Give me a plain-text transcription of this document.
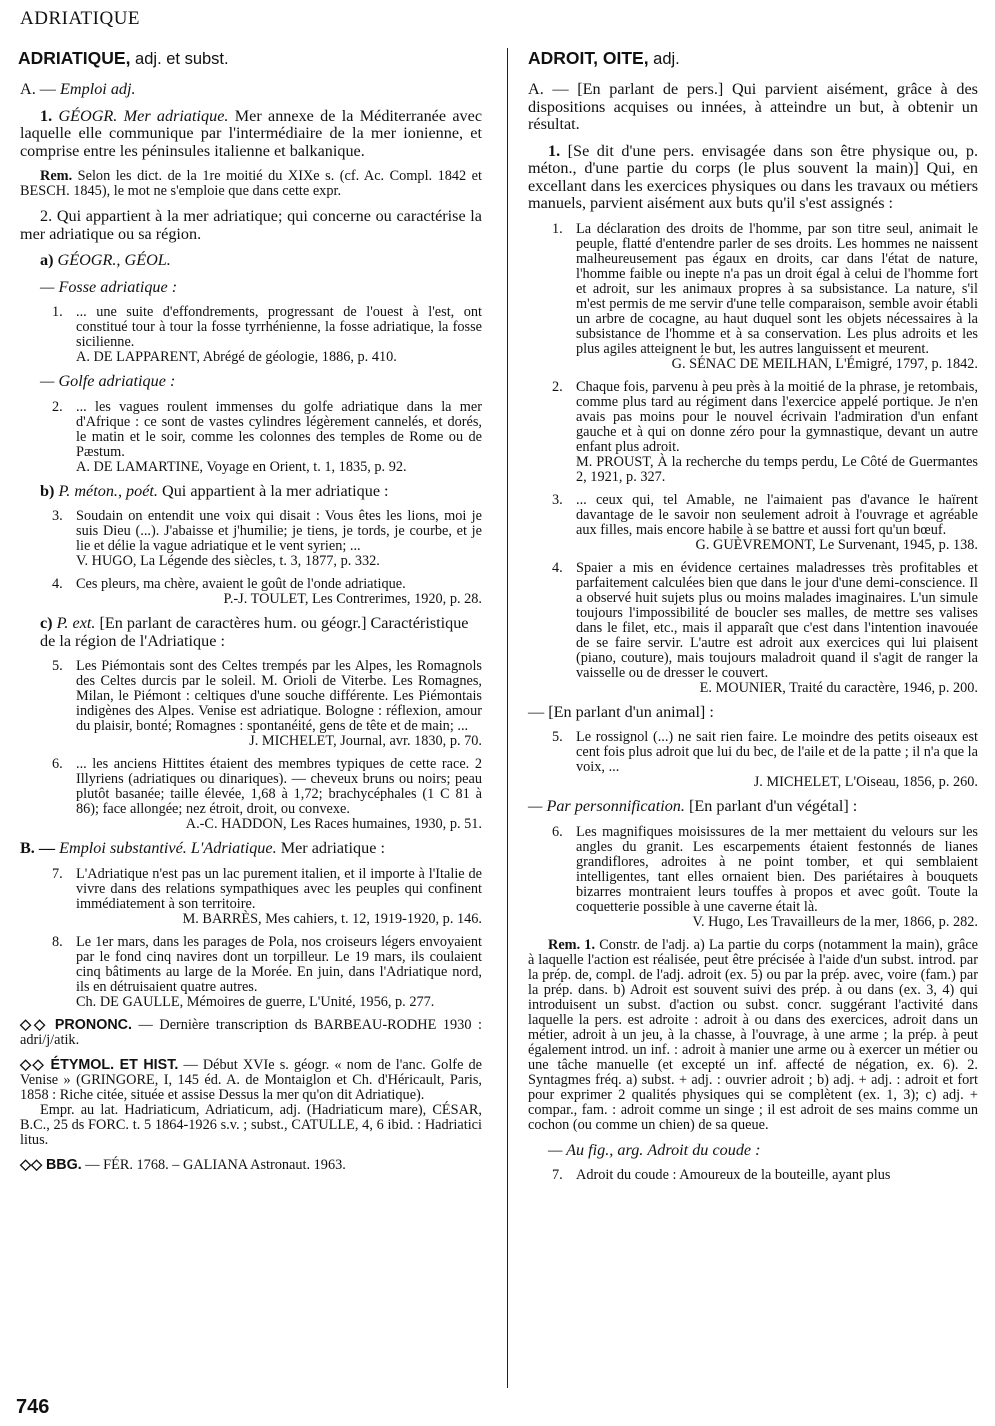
ADRIATIQUE

ADRIATIQUE, adj. et subst.

A. — Emploi adj.

1. GÉOGR. Mer adriatique. Mer annexe de la Méditerranée avec laquelle elle communique par l'intermédiaire de la mer ionienne, et comprise entre les péninsules italienne et balkanique.

Rem. Selon les dict. de la 1re moitié du XIXe s. (cf. Ac. Compl. 1842 et BESCH. 1845), le mot ne s'emploie que dans cette expr.

2. Qui appartient à la mer adriatique; qui concerne ou caractérise la mer adriatique ou sa région.

a) GÉOGR., GÉOL.

— Fosse adriatique :

1. ... une suite d'effondrements, progressant de l'ouest à l'est, ont constitué tour à tour la fosse tyrrhénienne, la fosse adriatique, la fosse sicilienne.
A. DE LAPPARENT, Abrégé de géologie, 1886, p. 410.

— Golfe adriatique :

2. ... les vagues roulent immenses du golfe adriatique dans la mer d'Afrique : ce sont de vastes cylindres légèrement cannelés, et dorés, le matin et le soir, comme les colonnes des temples de Rome ou de Pæstum.
A. DE LAMARTINE, Voyage en Orient, t. 1, 1835, p. 92.

b) P. méton., poét. Qui appartient à la mer adriatique :

3. Soudain on entendit une voix qui disait : Vous êtes les lions, moi je suis Dieu (...). J'abaisse et j'humilie; je tiens, je tords, je courbe, et je lie et délie la vague adriatique et le vent syrien; ...
V. HUGO, La Légende des siècles, t. 3, 1877, p. 332.

4. Ces pleurs, ma chère, avaient le goût de l'onde adriatique.
P.-J. TOULET, Les Contrerimes, 1920, p. 28.

c) P. ext. [En parlant de caractères hum. ou géogr.] Caractéristique de la région de l'Adriatique :

5. Les Piémontais sont des Celtes trempés par les Alpes, les Romagnols des Celtes durcis par le soleil. M. Orioli de Viterbe. Les Romagnes, Milan, le Piémont : celtiques d'une souche différente. Les Piémontais indigènes des Alpes. Venise est adriatique. Bologne : réflexion, amour du plaisir, bonté; Romagnes : spontanéité, gens de tête et de main; ...
J. MICHELET, Journal, avr. 1830, p. 70.

6. ... les anciens Hittites étaient des membres typiques de cette race. 2 Illyriens (adriatiques ou dinariques). — cheveux bruns ou noirs; peau plutôt basanée; taille élevée, 1,68 à 1,72; brachycéphales (1 C 81 à 86); face allongée; nez étroit, droit, ou convexe.
A.-C. HADDON, Les Races humaines, 1930, p. 51.

B. — Emploi substantivé. L'Adriatique. Mer adriatique :

7. L'Adriatique n'est pas un lac purement italien, et il importe à l'Italie de vivre dans des relations sympathiques avec les peuples qui confinent immédiatement à son territoire.
M. BARRÈS, Mes cahiers, t. 12, 1919-1920, p. 146.

8. Le 1er mars, dans les parages de Pola, nos croiseurs légers envoyaient par le fond cinq navires dont un torpilleur. Le 19 mars, ils coulaient cinq bâtiments au large de la Morée. En juin, dans l'Adriatique nord, ils en détruisaient quatre autres.
Ch. DE GAULLE, Mémoires de guerre, L'Unité, 1956, p. 277.

◇◇ PRONONC. — Dernière transcription ds BARBEAU-RODHE 1930 : adri/j/atik.

◇◇ ÉTYMOL. ET HIST. — Début XVIe s. géogr. « nom de l'anc. Golfe de Venise » (GRINGORE, I, 145 éd. A. de Montaiglon et Ch. d'Héricault, Paris, 1858 : Riche citée, située et assise Dessus la mer qu'on dit Adriatique).

Empr. au lat. Hadriaticum, Adriaticum, adj. (Hadriaticum mare), CÉSAR, B.C., 25 ds FORC. t. 5 1864-1926 s.v. ; subst., CATULLE, 4, 6 ibid. : Hadriatici litus.

◇◇ BBG. — FÉR. 1768. – GALIANA Astronaut. 1963.

ADROIT, OITE, adj.

A. — [En parlant de pers.] Qui parvient aisément, grâce à des dispositions acquises ou innées, à atteindre un but, à obtenir un résultat.

1. [Se dit d'une pers. envisagée dans son être physique ou, p. méton., d'une partie du corps (le plus souvent la main)] Qui, en excellant dans les exercices physiques ou dans les travaux ou métiers manuels, parvient aisément aux buts qu'il s'est assignés :

1. La déclaration des droits de l'homme, par son titre seul, animait le peuple, flatté d'entendre parler de ses droits. Les hommes ne naissent malheureusement pas égaux en droits, car dans l'état de nature, l'homme faible ou inepte n'a pas un droit égal à celui de l'homme fort et adroit, sur les animaux propres à sa subsistance. La nature, s'il m'est permis de me servir d'une telle comparaison, semble avoir établi un arbre de cocagne, au haut duquel sont les objets nécessaires à la subsistance de l'homme et à sa conservation. Les plus adroits et les plus agiles atteignent le but, les autres languissent et meurent.
G. SÉNAC DE MEILHAN, L'Émigré, 1797, p. 1842.

2. Chaque fois, parvenu à peu près à la moitié de la phrase, je retombais, comme plus tard au régiment dans l'exercice appelé portique. Je n'en avais pas moins pour le nouvel écrivain l'admiration d'un enfant gauche et à qui on donne zéro pour la gymnastique, devant un autre enfant plus adroit.
M. PROUST, À la recherche du temps perdu, Le Côté de Guermantes 2, 1921, p. 327.

3. ... ceux qui, tel Amable, ne l'aimaient pas d'avance le haïrent davantage de le savoir non seulement adroit à l'ouvrage et agréable aux filles, mais encore habile à se battre et aussi fort qu'un bœuf.
G. GUÈVREMONT, Le Survenant, 1945, p. 138.

4. Spaier a mis en évidence certaines maladresses très profitables et parfaitement calculées bien que dans le jour d'une demi-conscience. Il a observé huit sujets plus ou moins malades imaginaires. L'un simule toujours l'impossibilité de boucler ses malles, de mettre ses valises dans le filet, etc., mais il apparaît que c'est dans l'intention inavouée de se faire servir. L'autre est adroit aux exercices qui lui plaisent (piano, couture), mais toujours maladroit quand il s'agit de ranger la vaisselle ou de dresser le couvert.
E. MOUNIER, Traité du caractère, 1946, p. 200.

— [En parlant d'un animal] :

5. Le rossignol (...) ne sait rien faire. Le moindre des petits oiseaux est cent fois plus adroit que lui du bec, de l'aile et de la patte ; il n'a que la voix, ...
J. MICHELET, L'Oiseau, 1856, p. 260.

— Par personnification. [En parlant d'un végétal] :

6. Les magnifiques moisissures de la mer mettaient du velours sur les angles du granit. Les escarpements étaient festonnés de lianes grandiflores, adroites à ne point tomber, et qui semblaient intelligentes, tant elles ornaient bien. Des pariétaires à bouquets bizarres montraient leurs touffes à propos et avec goût. Toute la coquetterie possible à une caverne était là.
V. Hugo, Les Travailleurs de la mer, 1866, p. 282.

Rem. 1. Constr. de l'adj. a) La partie du corps (notamment la main), grâce à laquelle l'action est réalisée, peut être précisée à l'aide d'un subst. introd. par la prép. de, compl. de l'adj. adroit (ex. 5) ou par la prép. avec, voire (fam.) par la prép. dans. b) Adroit est souvent suivi des prép. à ou dans (ex. 3, 4) qui introduisent un subst. d'action ou subst. concr. suggérant l'activité dans laquelle la pers. est adroite : adroit à ou dans des exercices, adroit dans un métier, adroit à un jeu, à la chasse, à l'ouvrage, à une arme ; la prép. à peut également introd. un inf. : adroit à manier une arme ou à exercer un métier ou une tâche manuelle (et excepté un inf. affecté de négation, ex. 6). 2. Syntagmes fréq. a) subst. + adj. : ouvrier adroit ; b) adj. + adj. : adroit et fort pour exprimer 2 qualités physiques qui se complètent (ex. 1, 3); c) adj. + compar., fam. : adroit comme un singe ; il est adroit de ses mains comme un cochon (ou comme un chien) de sa queue.

— Au fig., arg. Adroit du coude :

7. Adroit du coude : Amoureux de la bouteille, ayant plus

746
